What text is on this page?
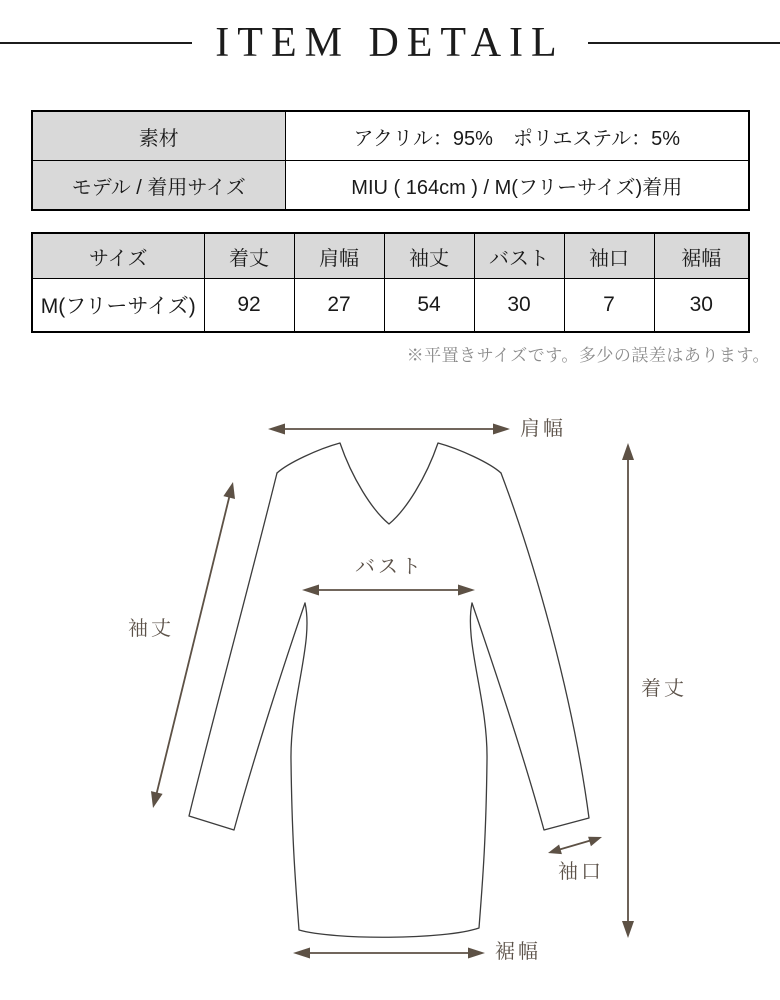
ITEM DETAIL
素材	アクリル：95%　ポリエステル：5%
モデル / 着用サイズ	MIU ( 164cm ) / M(フリーサイズ)着用
サイズ	着丈	肩幅	袖丈	バスト	袖口	裾幅
M(フリーサイズ)	92	27	54	30	7	30
※平置きサイズです。多少の誤差はあります。
肩幅
袖丈
バスト
着丈
袖口
裾幅
